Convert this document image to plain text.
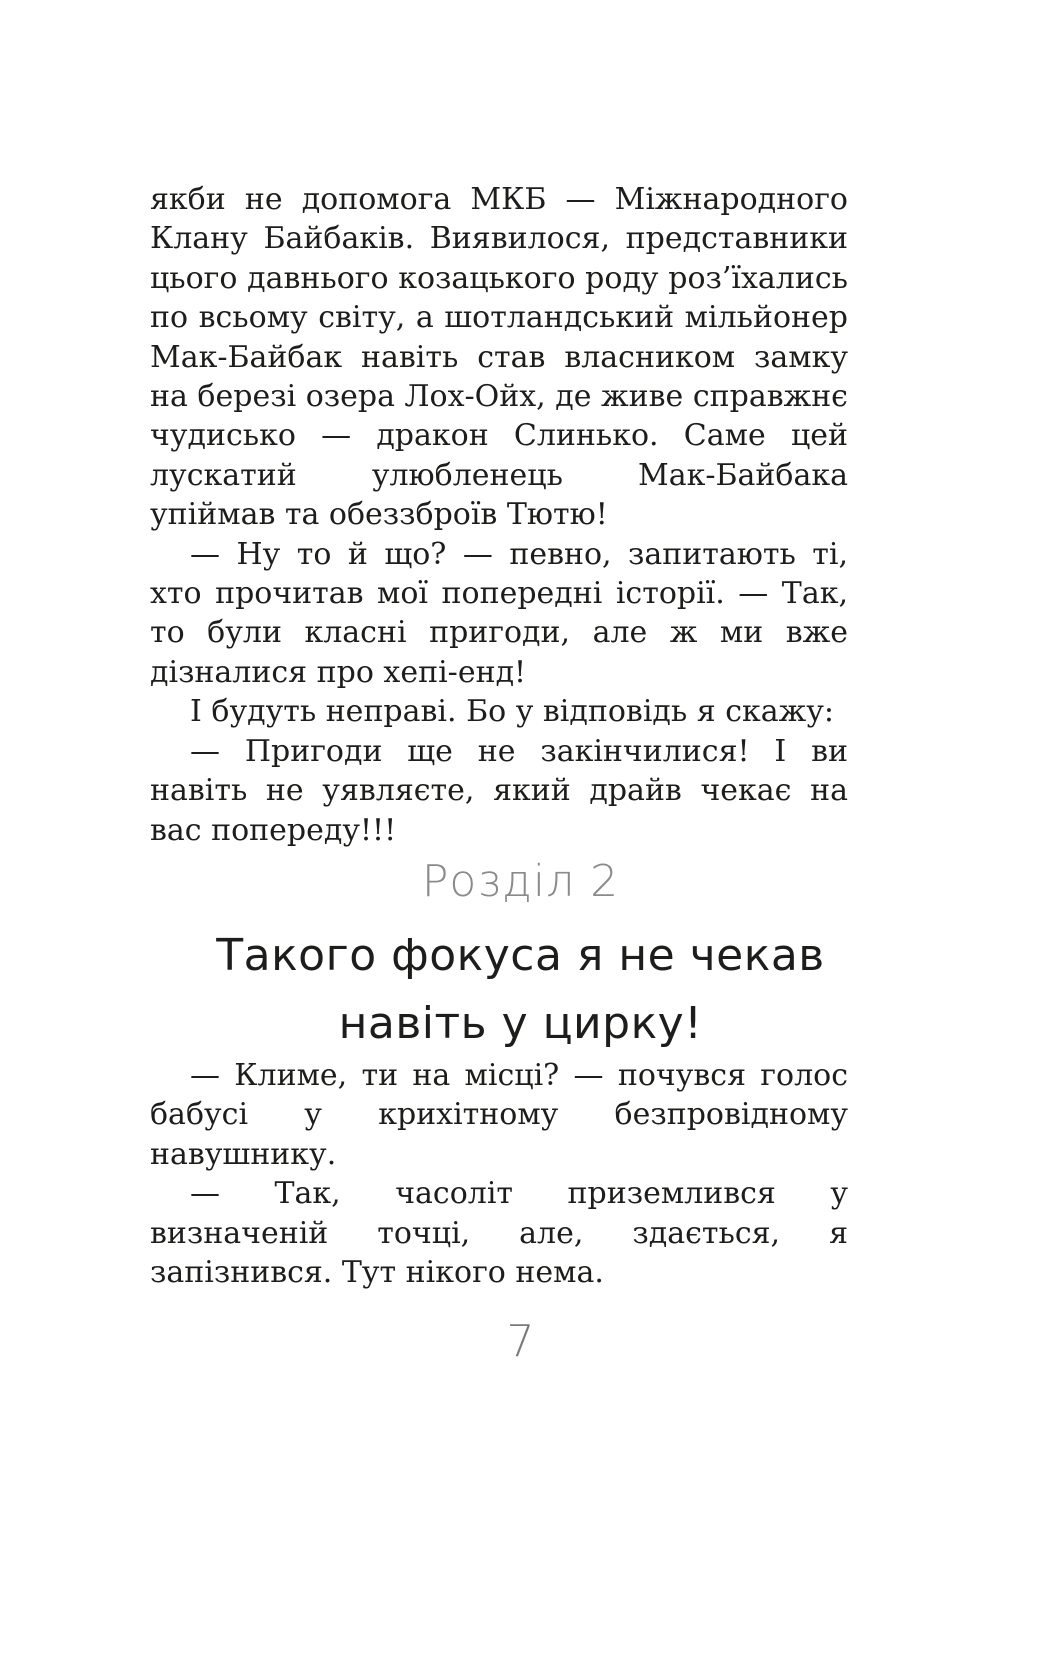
якби не допомога МКБ — Міжнародного Клану Байбаків. Виявилося, представники цього давнього козацького роду роз’їхались по всьому світу, а шотландський мільйонер Мак-Байбак навіть став власником замку на березі озера Лох-Ойх, де живе справжнє чудисько — дракон Слинько. Саме цей лускатий улюбленець Мак-Байбака упіймав та обеззброїв Тютю!

— Ну то й що? — певно, запитають ті, хто прочитав мої попередні історії. — Так, то були класні пригоди, але ж ми вже дізналися про хепі-енд!

І будуть неправі. Бо у відповідь я скажу:

— Пригоди ще не закінчилися! І ви навіть не уявляєте, який драйв чекає на вас попереду!!!

Розділ 2
Такого фокуса я не чекав
навіть у цирку!

— Климе, ти на місці? — почувся голос бабусі у крихітному безпровідному навушнику.

— Так, часоліт приземлився у визначеній точці, але, здається, я запізнився. Тут нікого нема.

7
